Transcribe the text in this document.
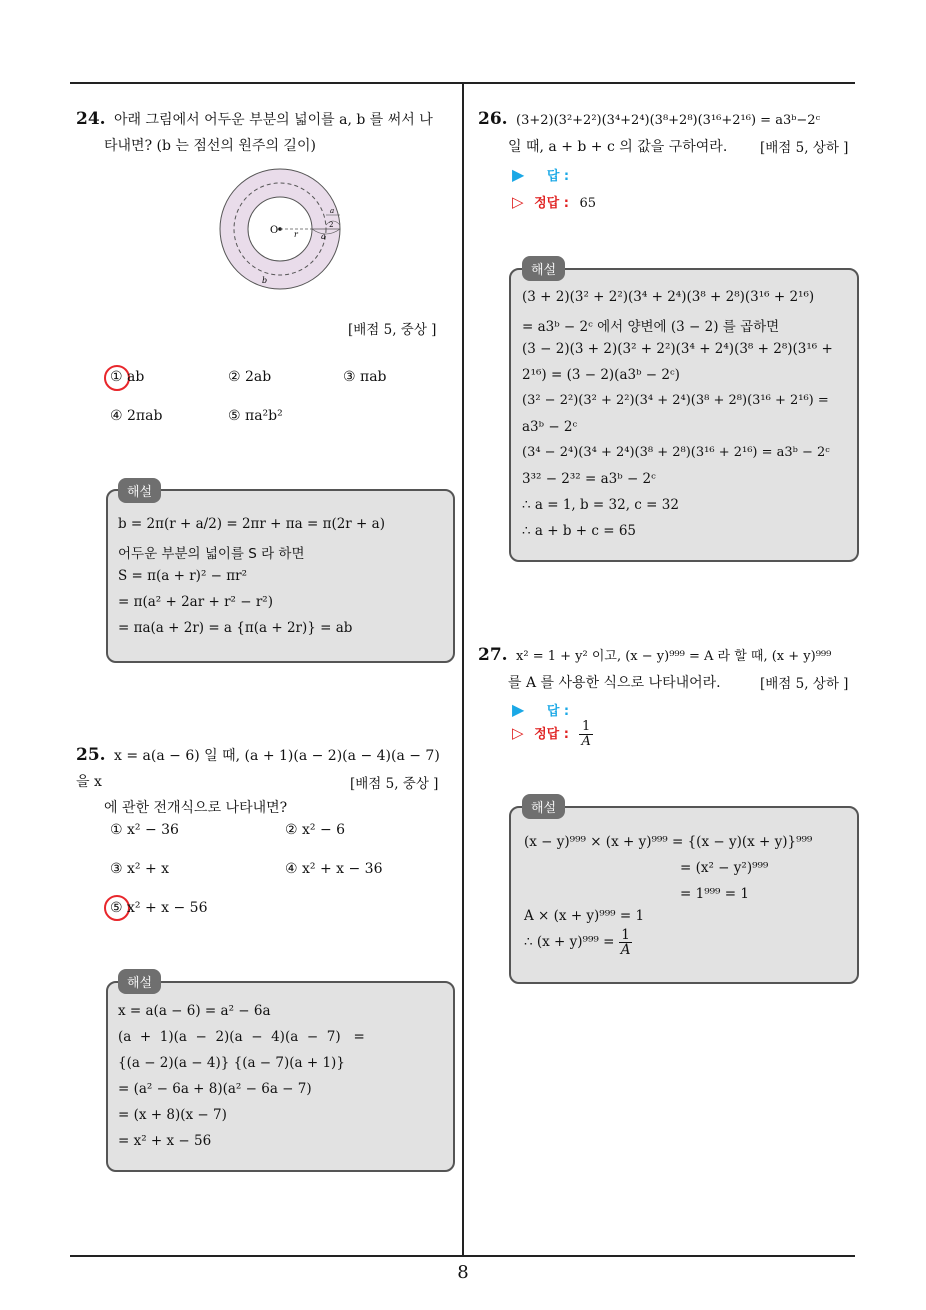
24. 아래 그림에서 어두운 부분의 넓이를 a, b 를 써서 나
타내면? (b 는 점선의 원주의 길이)
O r	a
a
2
b
[배점 5, 중상 ]
① ab	② 2ab	③ πab
④ 2πab	⑤ πa²b²
해설
b = 2π(r + a/2) = 2πr + πa = π(2r + a)
어두운 부분의 넓이를 S 라 하면
S = π(a + r)² − πr²
= π(a² + 2ar + r² − r²)
= πa(a + 2r) = a {π(a + 2r)} = ab
25. x = a(a − 6) 일 때, (a + 1)(a − 2)(a − 4)(a − 7) 을 x
에 관한 전개식으로 나타내면?
[배점 5, 중상 ]
① x² − 36	② x² − 6
③ x² + x	④ x² + x − 36
⑤ x² + x − 56
해설
x = a(a − 6) = a² − 6a
(a  +  1)(a  −  2)(a  −  4)(a  −  7)   =
{(a − 2)(a − 4)} {(a − 7)(a + 1)}
= (a² − 6a + 8)(a² − 6a − 7)
= (x + 8)(x − 7)
= x² + x − 56
26. (3+2)(3²+2²)(3⁴+2⁴)(3⁸+2⁸)(3¹⁶+2¹⁶) = a3ᵇ−2ᶜ
일 때, a + b + c 의 값을 구하여라.	[배점 5, 상하 ]
▶ 답 :
▷ 정답 : 65
해설
(3 + 2)(3² + 2²)(3⁴ + 2⁴)(3⁸ + 2⁸)(3¹⁶ + 2¹⁶)
= a3ᵇ − 2ᶜ 에서 양변에 (3 − 2) 를 곱하면
(3 − 2)(3 + 2)(3² + 2²)(3⁴ + 2⁴)(3⁸ + 2⁸)(3¹⁶ +
2¹⁶) = (3 − 2)(a3ᵇ − 2ᶜ)
(3² − 2²)(3² + 2²)(3⁴ + 2⁴)(3⁸ + 2⁸)(3¹⁶ + 2¹⁶) =
a3ᵇ − 2ᶜ
(3⁴ − 2⁴)(3⁴ + 2⁴)(3⁸ + 2⁸)(3¹⁶ + 2¹⁶) = a3ᵇ − 2ᶜ
3³² − 2³² = a3ᵇ − 2ᶜ
∴ a = 1, b = 32, c = 32
∴ a + b + c = 65
27. x² = 1 + y² 이고, (x − y)⁹⁹⁹ = A 라 할 때, (x + y)⁹⁹⁹
를 A 를 사용한 식으로 나타내어라.	[배점 5, 상하 ]
▶ 답 :
▷ 정답 : $\frac{1}{A}$
해설
(x − y)⁹⁹⁹ × (x + y)⁹⁹⁹ = {(x − y)(x + y)}⁹⁹⁹
= (x² − y²)⁹⁹⁹
= 1⁹⁹⁹ = 1
A × (x + y)⁹⁹⁹ = 1
∴ $(x + y)^{999} = \frac{1}{A}$
8
